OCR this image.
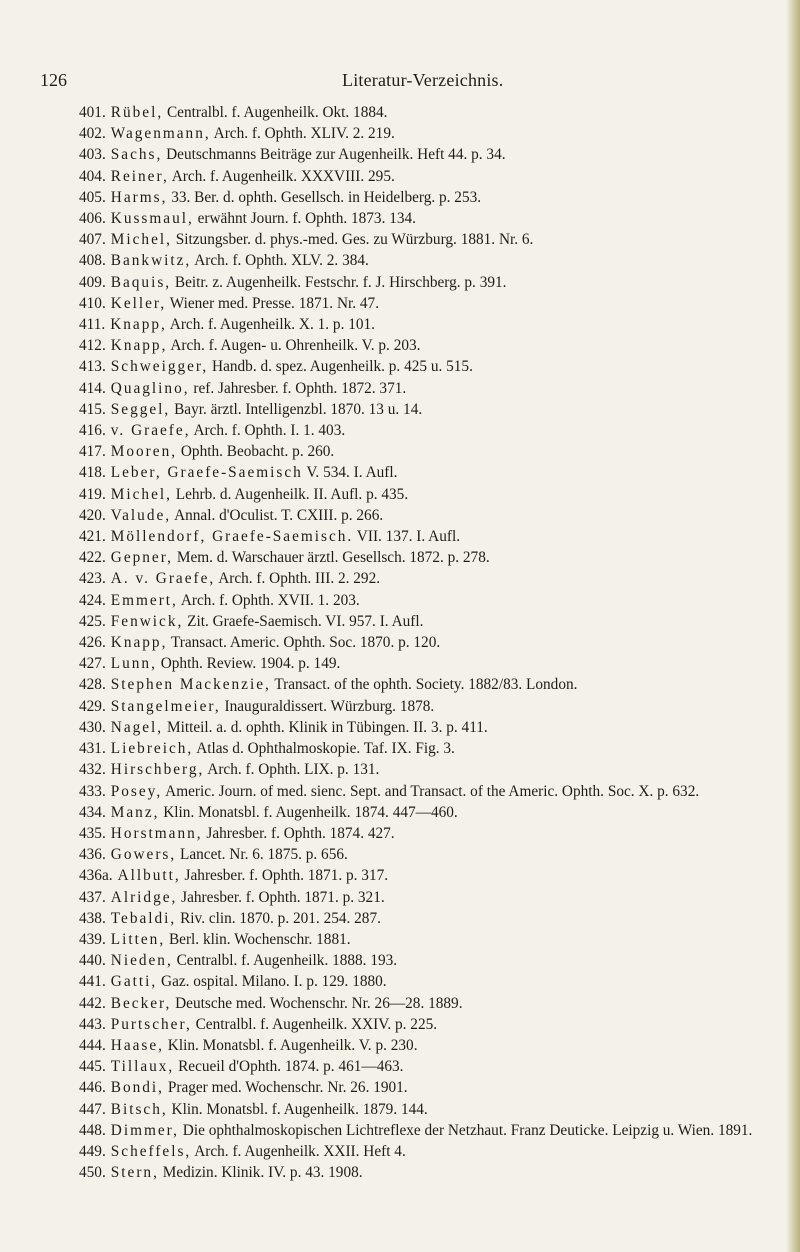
126	Literatur-Verzeichnis.
401. Rübel, Centralbl. f. Augenheilk. Okt. 1884.
402. Wagenmann, Arch. f. Ophth. XLIV. 2. 219.
403. Sachs, Deutschmanns Beiträge zur Augenheilk. Heft 44. p. 34.
404. Reiner, Arch. f. Augenheilk. XXXVIII. 295.
405. Harms, 33. Ber. d. ophth. Gesellsch. in Heidelberg. p. 253.
406. Kussmaul, erwähnt Journ. f. Ophth. 1873. 134.
407. Michel, Sitzungsber. d. phys.-med. Ges. zu Würzburg. 1881. Nr. 6.
408. Bankwitz, Arch. f. Ophth. XLV. 2. 384.
409. Baquis, Beitr. z. Augenheilk. Festschr. f. J. Hirschberg. p. 391.
410. Keller, Wiener med. Presse. 1871. Nr. 47.
411. Knapp, Arch. f. Augenheilk. X. 1. p. 101.
412. Knapp, Arch. f. Augen- u. Ohrenheilk. V. p. 203.
413. Schweigger, Handb. d. spez. Augenheilk. p. 425 u. 515.
414. Quaglino, ref. Jahresber. f. Ophth. 1872. 371.
415. Seggel, Bayr. ärztl. Intelligenzbl. 1870. 13 u. 14.
416. v. Graefe, Arch. f. Ophth. I. 1. 403.
417. Mooren, Ophth. Beobacht. p. 260.
418. Leber, Graefe-Saemisch V. 534. I. Aufl.
419. Michel, Lehrb. d. Augenheilk. II. Aufl. p. 435.
420. Valude, Annal. d'Oculist. T. CXIII. p. 266.
421. Möllendorf, Graefe-Saemisch. VII. 137. I. Aufl.
422. Gepner, Mem. d. Warschauer ärztl. Gesellsch. 1872. p. 278.
423. A. v. Graefe, Arch. f. Ophth. III. 2. 292.
424. Emmert, Arch. f. Ophth. XVII. 1. 203.
425. Fenwick, Zit. Graefe-Saemisch. VI. 957. I. Aufl.
426. Knapp, Transact. Americ. Ophth. Soc. 1870. p. 120.
427. Lunn, Ophth. Review. 1904. p. 149.
428. Stephen Mackenzie, Transact. of the ophth. Society. 1882/83. London.
429. Stangelmeier, Inauguraldissert. Würzburg. 1878.
430. Nagel, Mitteil. a. d. ophth. Klinik in Tübingen. II. 3. p. 411.
431. Liebreich, Atlas d. Ophthalmoskopie. Taf. IX. Fig. 3.
432. Hirschberg, Arch. f. Ophth. LIX. p. 131.
433. Posey, Americ. Journ. of med. sienc. Sept. and Transact. of the Americ. Ophth. Soc. X. p. 632.
434. Manz, Klin. Monatsbl. f. Augenheilk. 1874. 447—460.
435. Horstmann, Jahresber. f. Ophth. 1874. 427.
436. Gowers, Lancet. Nr. 6. 1875. p. 656.
436a. Allbutt, Jahresber. f. Ophth. 1871. p. 317.
437. Alridge, Jahresber. f. Ophth. 1871. p. 321.
438. Tebaldi, Riv. clin. 1870. p. 201. 254. 287.
439. Litten, Berl. klin. Wochenschr. 1881.
440. Nieden, Centralbl. f. Augenheilk. 1888. 193.
441. Gatti, Gaz. ospital. Milano. I. p. 129. 1880.
442. Becker, Deutsche med. Wochenschr. Nr. 26—28. 1889.
443. Purtscher, Centralbl. f. Augenheilk. XXIV. p. 225.
444. Haase, Klin. Monatsbl. f. Augenheilk. V. p. 230.
445. Tillaux, Recueil d'Ophth. 1874. p. 461—463.
446. Bondi, Prager med. Wochenschr. Nr. 26. 1901.
447. Bitsch, Klin. Monatsbl. f. Augenheilk. 1879. 144.
448. Dimmer, Die ophthalmoskopischen Lichtreflexe der Netzhaut. Franz Deuticke. Leipzig u. Wien. 1891.
449. Scheffels, Arch. f. Augenheilk. XXII. Heft 4.
450. Stern, Medizin. Klinik. IV. p. 43. 1908.
